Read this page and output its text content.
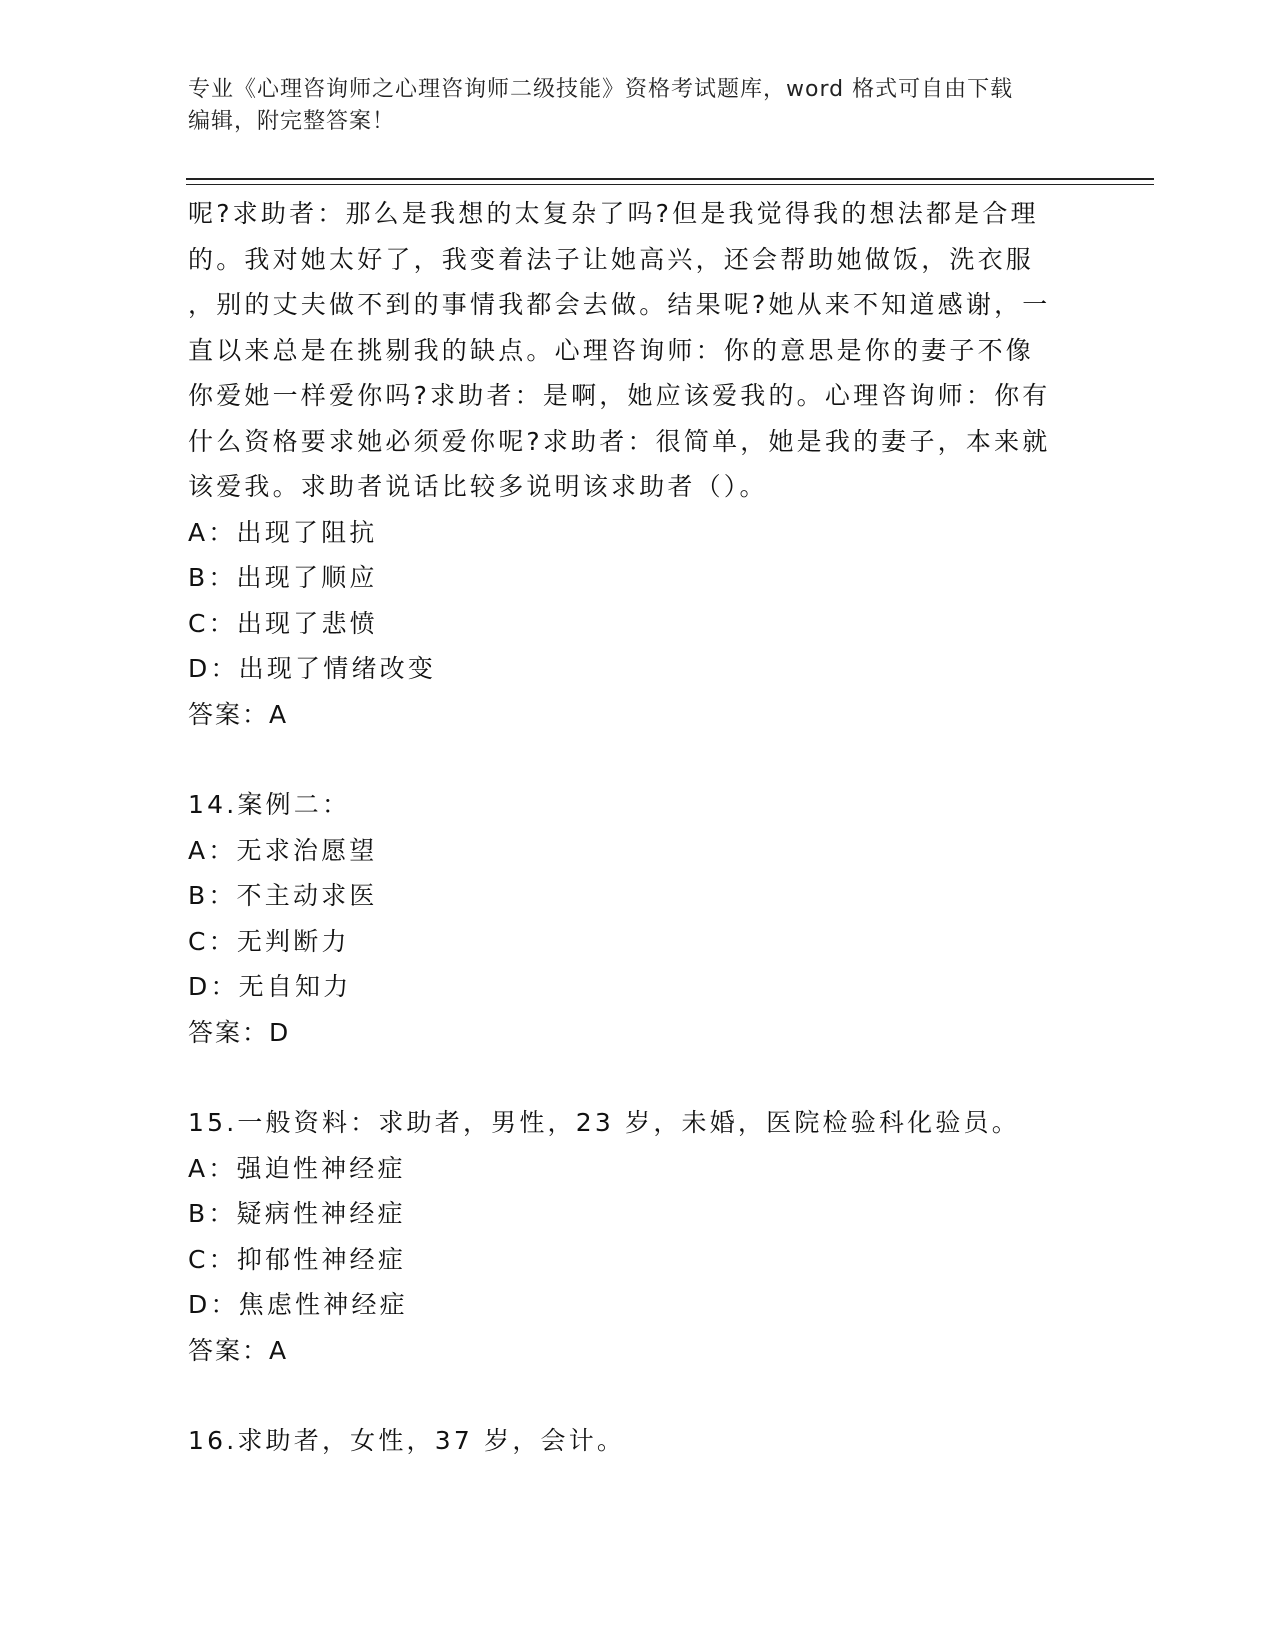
专业《心理咨询师之心理咨询师二级技能》资格考试题库，word 格式可自由下载
编辑，附完整答案！

呢?求助者：那么是我想的太复杂了吗?但是我觉得我的想法都是合理

的。我对她太好了，我变着法子让她高兴，还会帮助她做饭，洗衣服

，别的丈夫做不到的事情我都会去做。结果呢?她从来不知道感谢，一

直以来总是在挑剔我的缺点。心理咨询师：你的意思是你的妻子不像

你爱她一样爱你吗?求助者：是啊，她应该爱我的。心理咨询师：你有

什么资格要求她必须爱你呢?求助者：很简单，她是我的妻子，本来就

该爱我。求助者说话比较多说明该求助者（）。

A：出现了阻抗

B：出现了顺应

C：出现了悲愤

D：出现了情绪改变

答案：A

14.案例二：

A：无求治愿望

B：不主动求医

C：无判断力

D：无自知力

答案：D

15.一般资料：求助者，男性，23 岁，未婚，医院检验科化验员。

A：强迫性神经症

B：疑病性神经症

C：抑郁性神经症

D：焦虑性神经症

答案：A

16.求助者，女性，37 岁，会计。
